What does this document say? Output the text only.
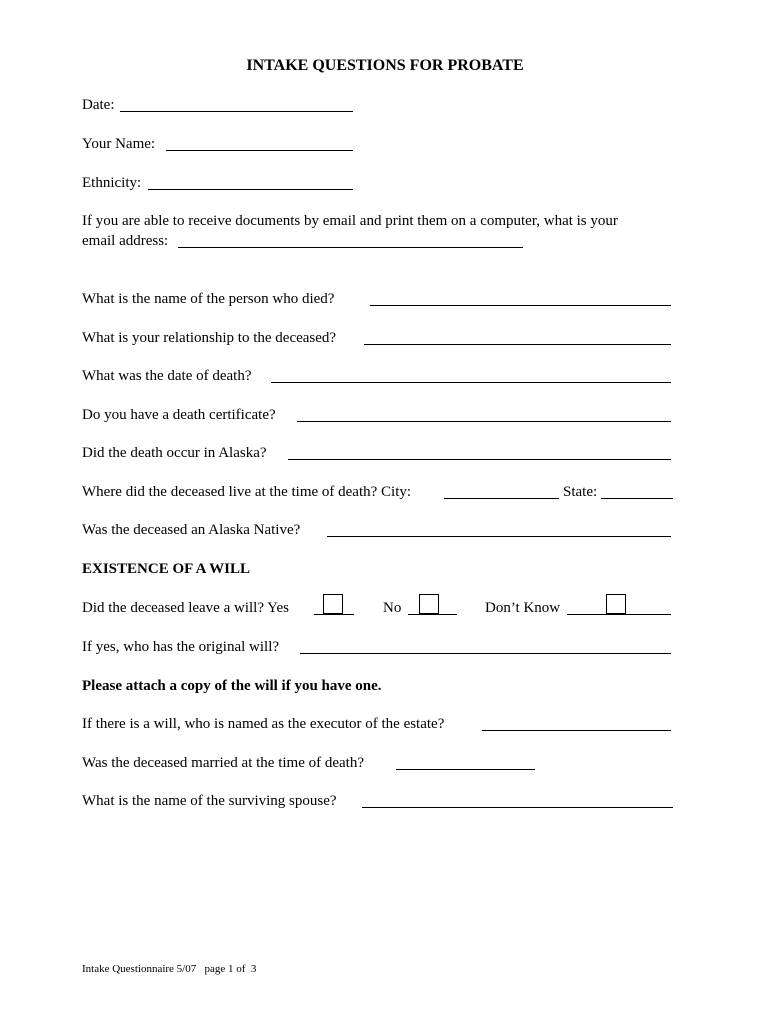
INTAKE QUESTIONS FOR PROBATE
Date:
Your Name:
Ethnicity:
If you are able to receive documents by email and print them on a computer, what is your
email address:
What is the name of the person who died?
What is your relationship to the deceased?
What was the date of death?
Do you have a death certificate?
Did the death occur in Alaska?
Where did the deceased live at the time of death? City:	State:
Was the deceased an Alaska Native?
EXISTENCE OF A WILL
Did the deceased leave a will? Yes	No	Don’t Know
If yes, who has the original will?
Please attach a copy of the will if you have one.
If there is a will, who is named as the executor of the estate?
Was the deceased married at the time of death?
What is the name of the surviving spouse?
Intake Questionnaire 5/07   page 1 of  3
